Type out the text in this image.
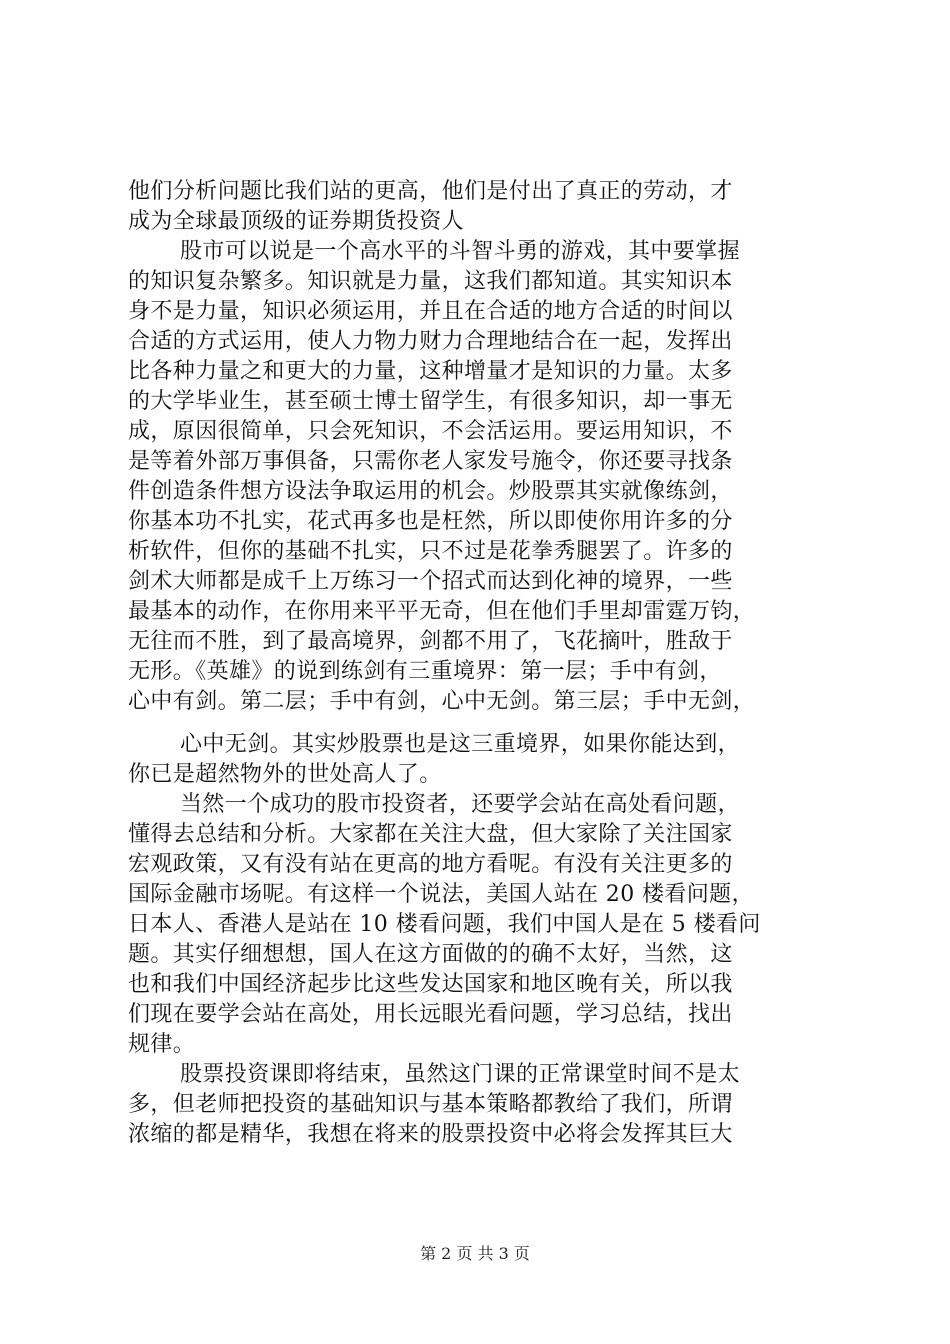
他们分析问题比我们站的更高，他们是付出了真正的劳动，才
成为全球最顶级的证券期货投资人
股市可以说是一个高水平的斗智斗勇的游戏，其中要掌握
的知识复杂繁多。知识就是力量，这我们都知道。其实知识本
身不是力量，知识必须运用，并且在合适的地方合适的时间以
合适的方式运用，使人力物力财力合理地结合在一起，发挥出
比各种力量之和更大的力量，这种增量才是知识的力量。太多
的大学毕业生，甚至硕士博士留学生，有很多知识，却一事无
成，原因很简单，只会死知识，不会活运用。要运用知识，不
是等着外部万事俱备，只需你老人家发号施令，你还要寻找条
件创造条件想方设法争取运用的机会。炒股票其实就像练剑，
你基本功不扎实，花式再多也是枉然，所以即使你用许多的分
析软件，但你的基础不扎实，只不过是花拳秀腿罢了。许多的
剑术大师都是成千上万练习一个招式而达到化神的境界，一些
最基本的动作，在你用来平平无奇，但在他们手里却雷霆万钧，
无往而不胜，到了最高境界，剑都不用了，飞花摘叶，胜敌于
无形。《英雄》的说到练剑有三重境界：第一层；手中有剑，
心中有剑。第二层；手中有剑，心中无剑。第三层；手中无剑，
心中无剑。其实炒股票也是这三重境界，如果你能达到，
你已是超然物外的世处高人了。
当然一个成功的股市投资者，还要学会站在高处看问题，
懂得去总结和分析。大家都在关注大盘，但大家除了关注国家
宏观政策，又有没有站在更高的地方看呢。有没有关注更多的
国际金融市场呢。有这样一个说法，美国人站在 20 楼看问题，
日本人、香港人是站在 10 楼看问题，我们中国人是在 5 楼看问
题。其实仔细想想，国人在这方面做的的确不太好，当然，这
也和我们中国经济起步比这些发达国家和地区晚有关，所以我
们现在要学会站在高处，用长远眼光看问题，学习总结，找出
规律。
股票投资课即将结束，虽然这门课的正常课堂时间不是太
多，但老师把投资的基础知识与基本策略都教给了我们，所谓
浓缩的都是精华，我想在将来的股票投资中必将会发挥其巨大
第 2 页 共 3 页
